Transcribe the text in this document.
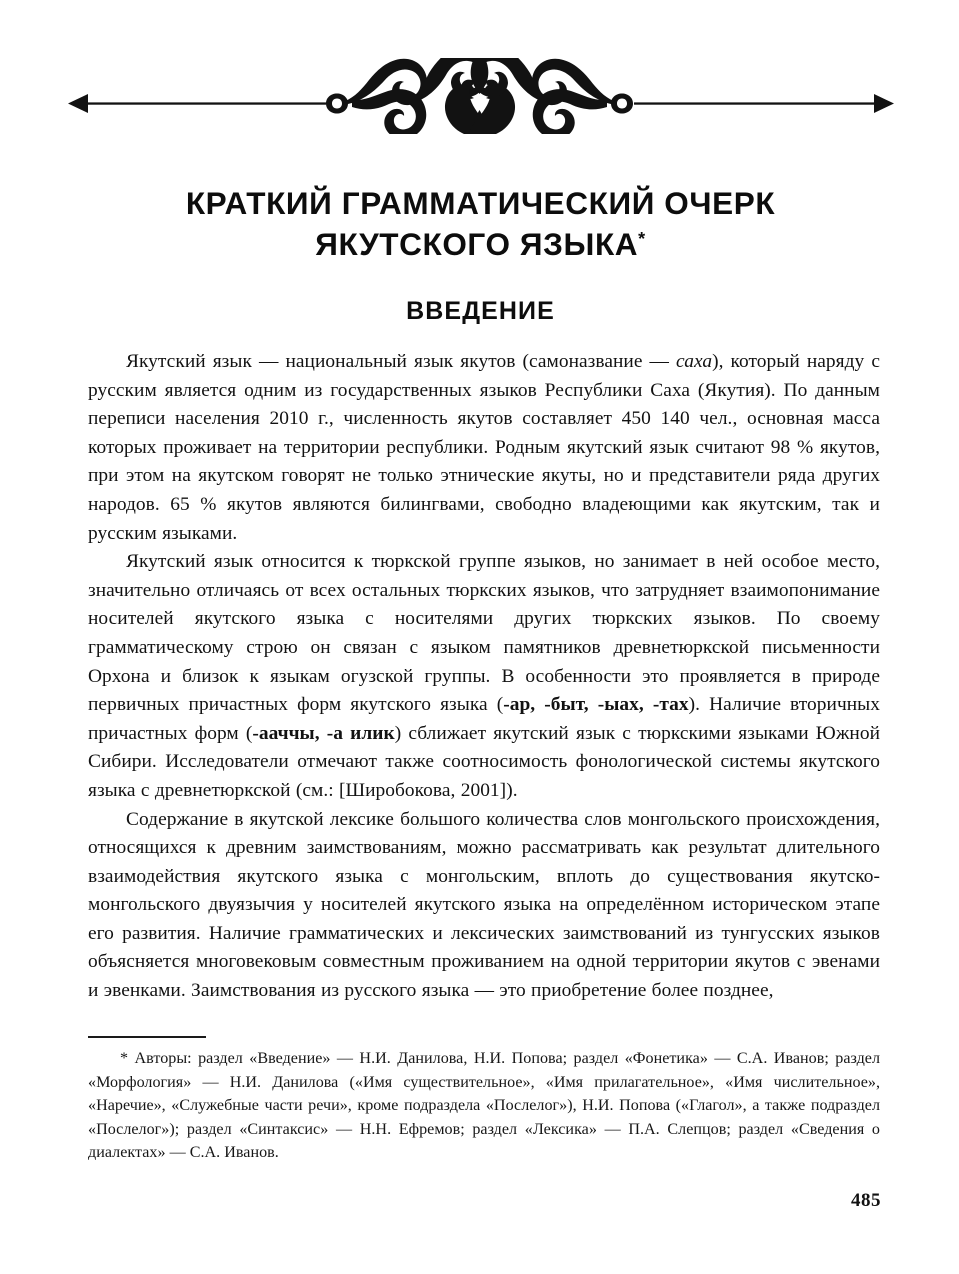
КРАТКИЙ ГРАММАТИЧЕСКИЙ ОЧЕРК
ЯКУТСКОГО ЯЗЫКА*
ВВЕДЕНИЕ

Якутский язык — национальный язык якутов (самоназвание — саха), который наряду с русским является одним из государственных языков Республики Саха (Якутия). По данным переписи населения 2010 г., численность якутов составляет 450 140 чел., основная масса которых проживает на территории республики. Родным якутский язык считают 98 % якутов, при этом на якутском говорят не только этнические якуты, но и представители ряда других народов. 65 % якутов являются билингвами, свободно владеющими как якутским, так и русским языками.

Якутский язык относится к тюркской группе языков, но занимает в ней особое место, значительно отличаясь от всех остальных тюркских языков, что затрудняет взаимопонимание носителей якутского языка с носителями других тюркских языков. По своему грамматическому строю он связан с языком памятников древнетюркской письменности Орхона и близок к языкам огузской группы. В особенности это проявляется в природе первичных причастных форм якутского языка (-ар, -быт, -ыах, -тах). Наличие вторичных причастных форм (-ааччы, -а илик) сближает якутский язык с тюркскими языками Южной Сибири. Исследователи отмечают также соотносимость фонологической системы якутского языка с древнетюркской (см.: [Широбокова, 2001]).

Содержание в якутской лексике большого количества слов монгольского происхождения, относящихся к древним заимствованиям, можно рассматривать как результат длительного взаимодействия якутского языка с монгольским, вплоть до существования якутско-монгольского двуязычия у носителей якутского языка на определённом историческом этапе его развития. Наличие грамматических и лексических заимствований из тунгусских языков объясняется многовековым совместным проживанием на одной территории якутов с эвенами и эвенками. Заимствования из русского языка — это приобретение более позднее,

* Авторы: раздел «Введение» — Н.И. Данилова, Н.И. Попова; раздел «Фонетика» — С.А. Иванов; раздел «Морфология» — Н.И. Данилова («Имя существительное», «Имя прилагательное», «Имя числительное», «Наречие», «Служебные части речи», кроме подраздела «Послелог»), Н.И. Попова («Глагол», а также подраздел «Послелог»); раздел «Синтаксис» — Н.Н. Ефремов; раздел «Лексика» — П.А. Слепцов; раздел «Сведения о диалектах» — С.А. Иванов.

485
